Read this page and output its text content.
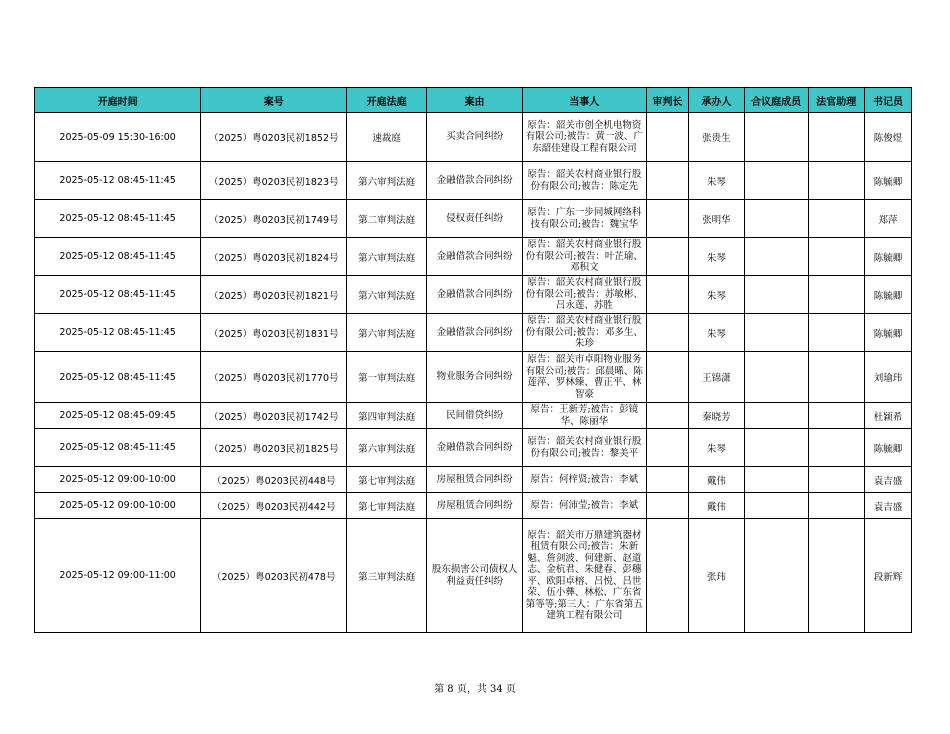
开庭时间	案号	开庭法庭	案由	当事人	审判长	承办人	合议庭成员	法官助理	书记员
2025-05-09 15:30-16:00	（2025）粤0203民初1852号	速裁庭	买卖合同纠纷	原告：韶关市创全机电物资有限公司;被告：黄一波、广东韶佳建设工程有限公司		张贵生			陈俊煜
2025-05-12 08:45-11:45	（2025）粤0203民初1823号	第六审判法庭	金融借款合同纠纷	原告：韶关农村商业银行股份有限公司;被告：陈定先		朱琴			陈毓卿
2025-05-12 08:45-11:45	（2025）粤0203民初1749号	第二审判法庭	侵权责任纠纷	原告：广东一步同城网络科技有限公司;被告：魏宝华		张明华			郑萍
2025-05-12 08:45-11:45	（2025）粤0203民初1824号	第六审判法庭	金融借款合同纠纷	原告：韶关农村商业银行股份有限公司;被告：叶芷瑜、邓积文		朱琴			陈毓卿
2025-05-12 08:45-11:45	（2025）粤0203民初1821号	第六审判法庭	金融借款合同纠纷	原告：韶关农村商业银行股份有限公司;被告：苏敏彬、吕永莲、苏胜		朱琴			陈毓卿
2025-05-12 08:45-11:45	（2025）粤0203民初1831号	第六审判法庭	金融借款合同纠纷	原告：韶关农村商业银行股份有限公司;被告：邓多生、朱珍		朱琴			陈毓卿
2025-05-12 08:45-11:45	（2025）粤0203民初1770号	第一审判法庭	物业服务合同纠纷	原告：韶关市卓阳物业服务有限公司;被告：邱晨晞、陈莲萍、罗林臻、曹正平、林智豪		王锦潇			刘瑜玮
2025-05-12 08:45-09:45	（2025）粤0203民初1742号	第四审判法庭	民间借贷纠纷	原告：王新芳;被告：彭镜华、陈丽华		秦晓芳			杜颖希
2025-05-12 08:45-11:45	（2025）粤0203民初1825号	第六审判法庭	金融借款合同纠纷	原告：韶关农村商业银行股份有限公司;被告：黎美平		朱琴			陈毓卿
2025-05-12 09:00-10:00	（2025）粤0203民初448号	第七审判法庭	房屋租赁合同纠纷	原告：何梓贤;被告：李斌		戴伟			袁吉盛
2025-05-12 09:00-10:00	（2025）粤0203民初442号	第七审判法庭	房屋租赁合同纠纷	原告：何沛莹;被告：李斌		戴伟			袁吉盛
2025-05-12 09:00-11:00	（2025）粤0203民初478号	第三审判法庭	股东损害公司债权人利益责任纠纷	原告：韶关市万鼎建筑器材租赁有限公司;被告：朱新魁、詹剑波、何建新、赵道志、金杭君、朱健春、彭穗平、欧阳卓榕、吕悦、吕世荣、伍小彝、林松、广东省第等等;第三人：广东省第五建筑工程有限公司		张玮			段新辉
第 8 页，共 34 页
